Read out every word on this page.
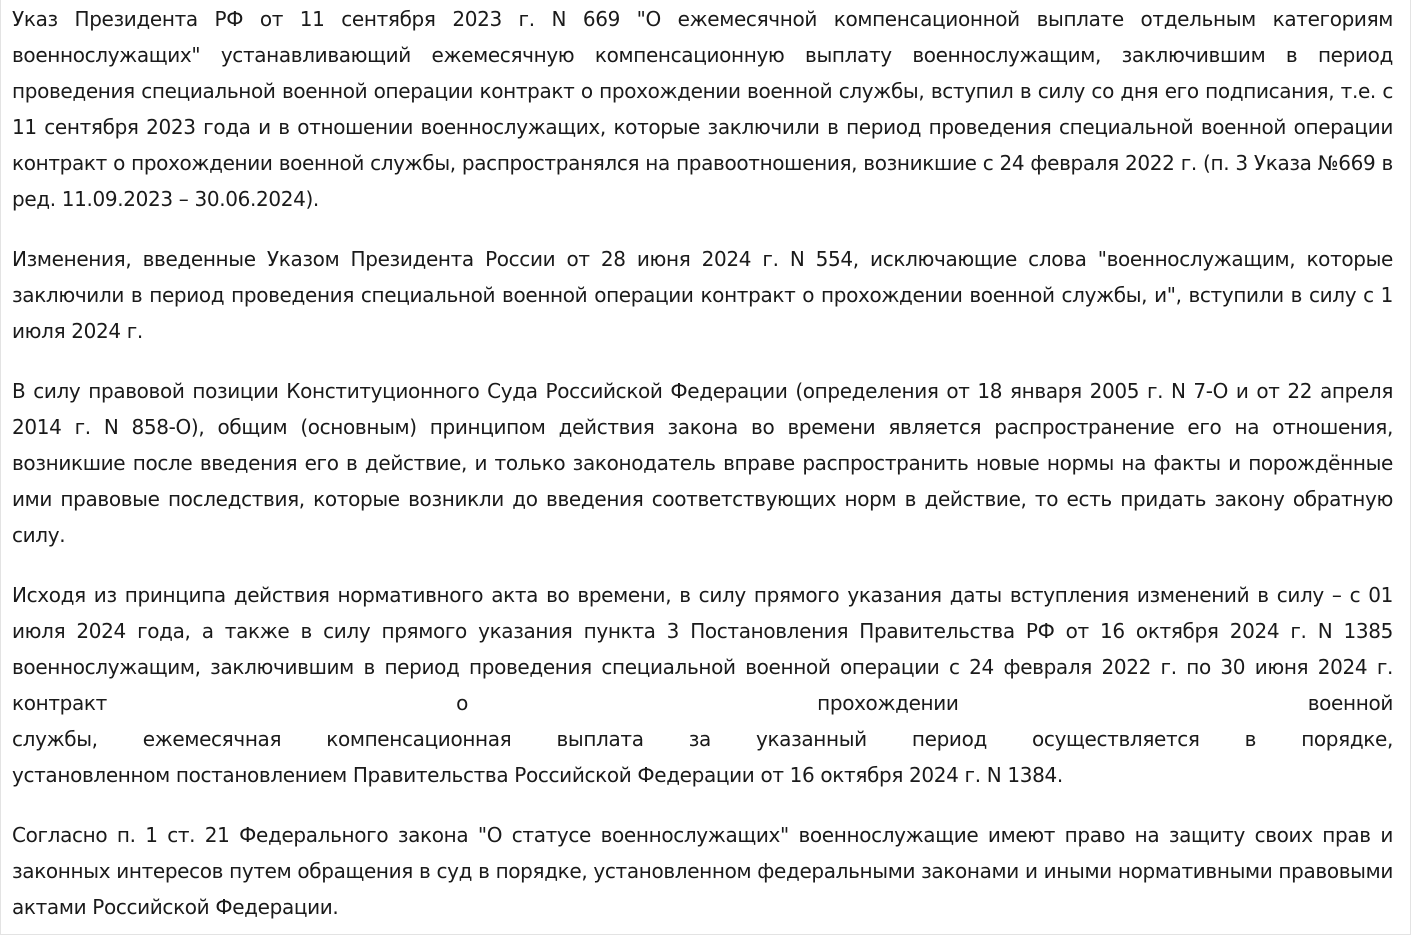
Указ Президента РФ от 11 сентября 2023 г. N 669 "О ежемесячной компенсационной выплате отдельным категориям военнослужащих" устанавливающий ежемесячную компенсационную выплату военнослужащим, заключившим в период проведения специальной военной операции контракт о прохождении военной службы, вступил в силу со дня его подписания, т.е. с 11 сентября 2023 года и в отношении военнослужащих, которые заключили в период проведения специальной военной операции контракт о прохождении военной службы, распространялся на правоотношения, возникшие с 24 февраля 2022 г. (п. 3 Указа №669 в ред. 11.09.2023 – 30.06.2024).

Изменения, введенные Указом Президента России от 28 июня 2024 г. N 554, исключающие слова "военнослужащим, которые заключили в период проведения специальной военной операции контракт о прохождении военной службы, и", вступили в силу с 1 июля 2024 г.

В силу правовой позиции Конституционного Суда Российской Федерации (определения от 18 января 2005 г. N 7-О и от 22 апреля 2014 г. N 858-О), общим (основным) принципом действия закона во времени является распространение его на отношения, возникшие после введения его в действие, и только законодатель вправе распространить новые нормы на факты и порождённые ими правовые последствия, которые возникли до введения соответствующих норм в действие, то есть придать закону обратную силу.

Исходя из принципа действия нормативного акта во времени, в силу прямого указания даты вступления изменений в силу – с 01 июля 2024 года, а также в силу прямого указания пункта 3 Постановления Правительства РФ от 16 октября 2024 г. N 1385 военнослужащим, заключившим в период проведения специальной военной операции с 24 февраля 2022 г. по 30 июня 2024 г. контракт о прохождении военной

службы, ежемесячная компенсационная выплата за указанный период осуществляется в порядке,

установленном постановлением Правительства Российской Федерации от 16 октября 2024 г. N 1384.

Согласно п. 1 ст. 21 Федерального закона "О статусе военнослужащих" военнослужащие имеют право на защиту своих прав и законных интересов путем обращения в суд в порядке, установленном федеральными законами и иными нормативными правовыми актами Российской Федерации.
